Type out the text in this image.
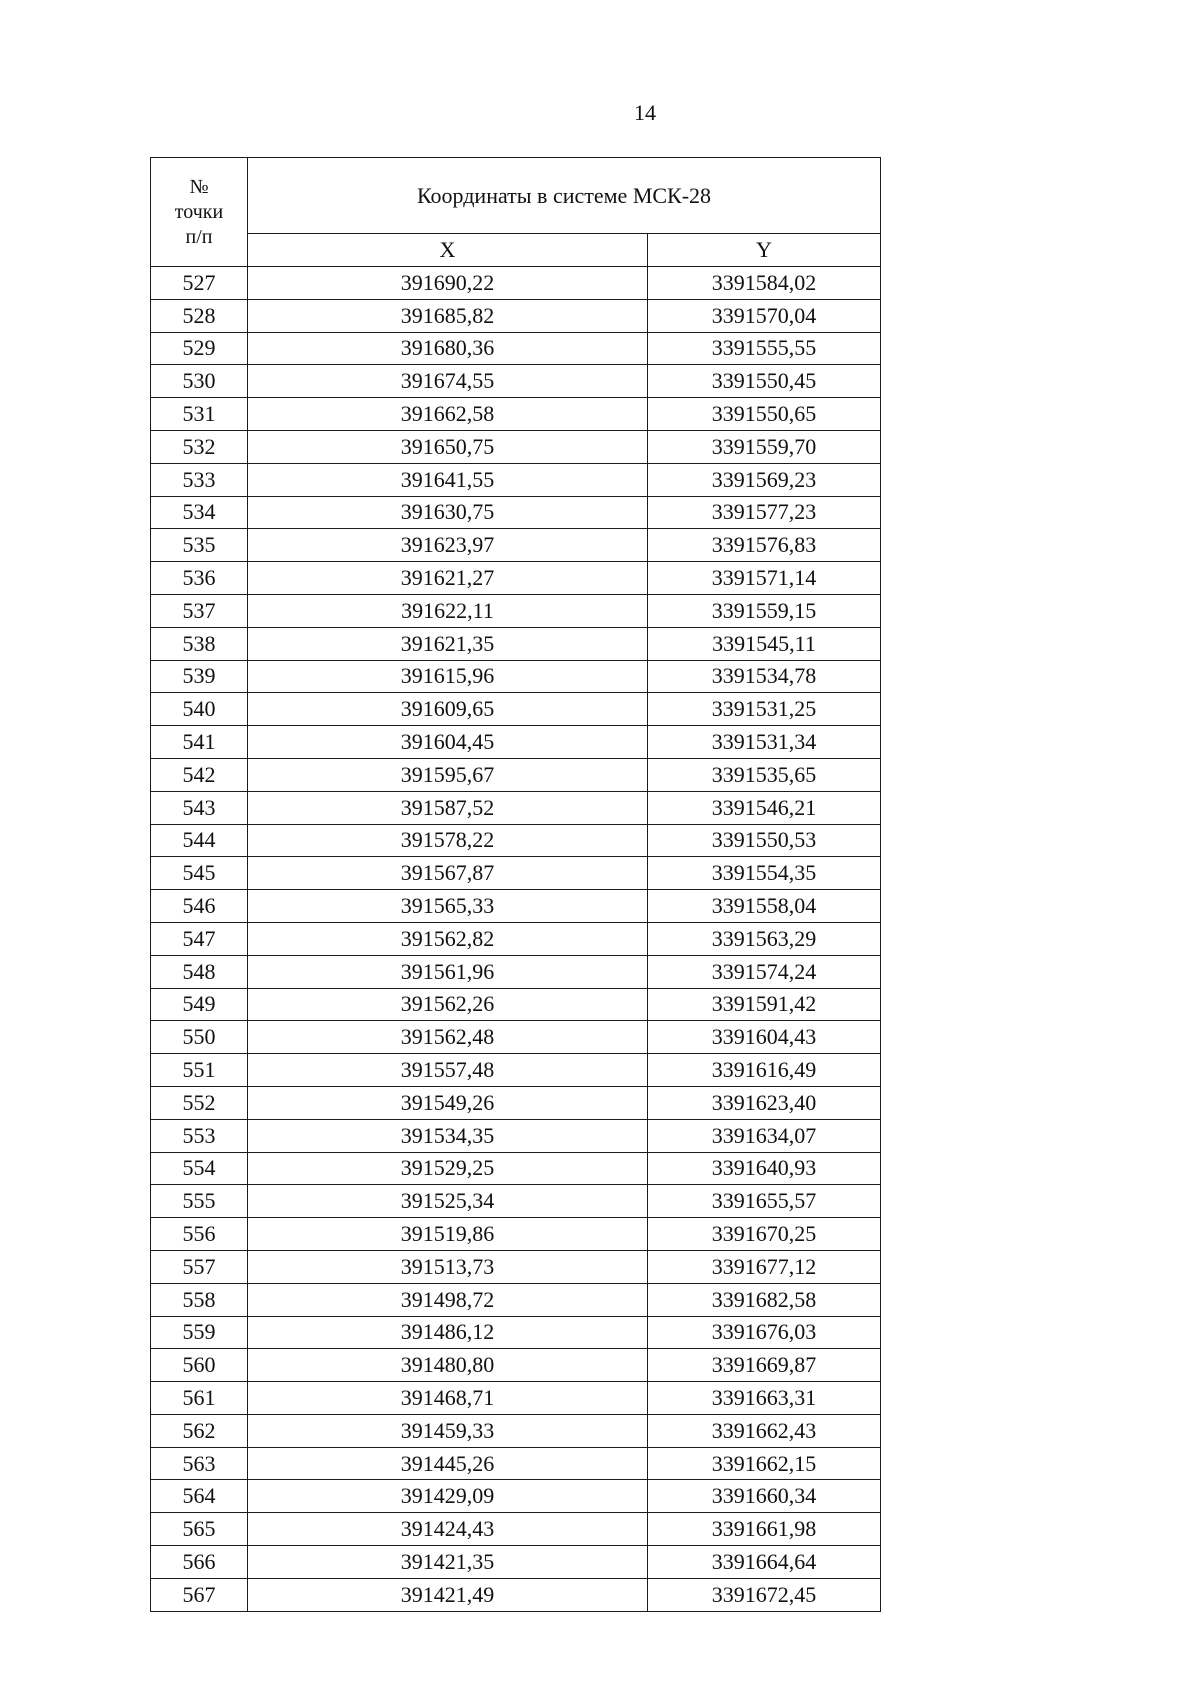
14
№
точки
п/п	Координаты в системе МСК-28	
	X	Y
527	391690,22	3391584,02
528	391685,82	3391570,04
529	391680,36	3391555,55
530	391674,55	3391550,45
531	391662,58	3391550,65
532	391650,75	3391559,70
533	391641,55	3391569,23
534	391630,75	3391577,23
535	391623,97	3391576,83
536	391621,27	3391571,14
537	391622,11	3391559,15
538	391621,35	3391545,11
539	391615,96	3391534,78
540	391609,65	3391531,25
541	391604,45	3391531,34
542	391595,67	3391535,65
543	391587,52	3391546,21
544	391578,22	3391550,53
545	391567,87	3391554,35
546	391565,33	3391558,04
547	391562,82	3391563,29
548	391561,96	3391574,24
549	391562,26	3391591,42
550	391562,48	3391604,43
551	391557,48	3391616,49
552	391549,26	3391623,40
553	391534,35	3391634,07
554	391529,25	3391640,93
555	391525,34	3391655,57
556	391519,86	3391670,25
557	391513,73	3391677,12
558	391498,72	3391682,58
559	391486,12	3391676,03
560	391480,80	3391669,87
561	391468,71	3391663,31
562	391459,33	3391662,43
563	391445,26	3391662,15
564	391429,09	3391660,34
565	391424,43	3391661,98
566	391421,35	3391664,64
567	391421,49	3391672,45
